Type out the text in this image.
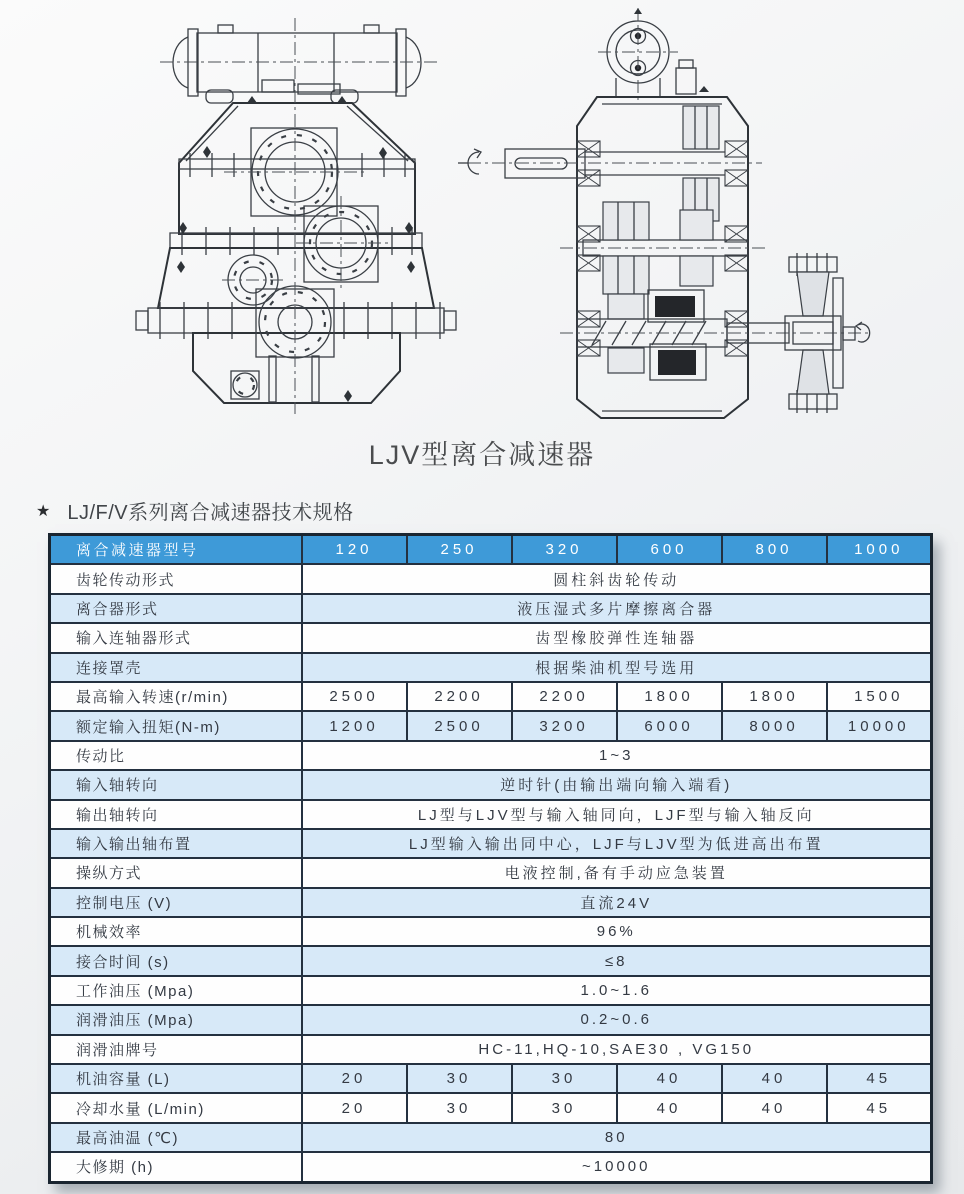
LJV型离合减速器
★ LJ/F/V系列离合减速器技术规格
离合减速器型号	120	250	320	600	800	1000
齿轮传动形式	圆柱斜齿轮传动					
离合器形式	液压湿式多片摩擦离合器					
输入连轴器形式	齿型橡胶弹性连轴器					
连接罩壳	根据柴油机型号选用					
最高输入转速(r/min)	2500	2200	2200	1800	1800	1500
额定输入扭矩(N-m)	1200	2500	3200	6000	8000	10000
传动比	1~3					
输入轴转向	逆时针(由输出端向输入端看)					
输出轴转向	LJ型与LJV型与输入轴同向，LJF型与输入轴反向					
输入输出轴布置	LJ型输入输出同中心，LJF与LJV型为低进高出布置					
操纵方式	电液控制,备有手动应急装置					
控制电压 (V)	直流24V					
机械效率	96%					
接合时间 (s)	≤8					
工作油压 (Mpa)	1.0~1.6					
润滑油压 (Mpa)	0.2~0.6					
润滑油牌号	HC-11,HQ-10,SAE30 , VG150					
机油容量 (L)	20	30	30	40	40	45
冷却水量 (L/min)	20	30	30	40	40	45
最高油温 (℃)	80					
大修期 (h)	~10000					
